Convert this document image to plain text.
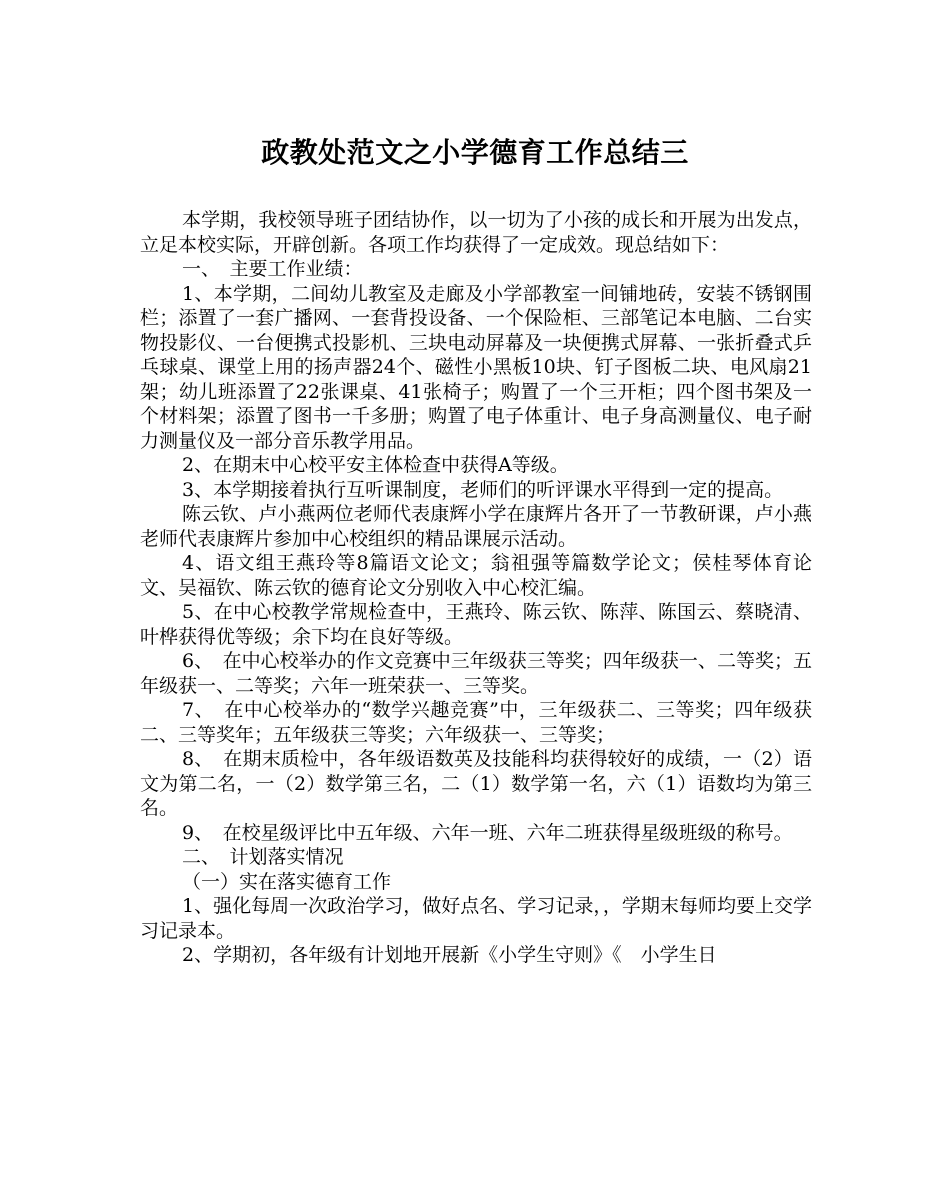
政教处范文之小学德育工作总结三

本学期，我校领导班子团结协作，以一切为了小孩的成长和开展为出发点，立足本校实际，开辟创新。各项工作均获得了一定成效。现总结如下：

一、　主要工作业绩：

1、本学期，二间幼儿教室及走廊及小学部教室一间铺地砖，安装不锈钢围栏；添置了一套广播网、一套背投设备、一个保险柜、三部笔记本电脑、二台实物投影仪、一台便携式投影机、三块电动屏幕及一块便携式屏幕、一张折叠式乒乓球桌、课堂上用的扬声器24个、磁性小黑板10块、钉子图板二块、电风扇21架；幼儿班添置了22张课桌、41张椅子；购置了一个三开柜；四个图书架及一个材料架；添置了图书一千多册；购置了电子体重计、电子身高测量仪、电子耐力测量仪及一部分音乐教学用品。

2、在期末中心校平安主体检查中获得A等级。

3、本学期接着执行互听课制度，老师们的听评课水平得到一定的提高。

陈云钦、卢小燕两位老师代表康辉小学在康辉片各开了一节教研课，卢小燕老师代表康辉片参加中心校组织的精品课展示活动。

4、语文组王燕玲等8篇语文论文；翁祖强等篇数学论文；侯桂琴体育论文、吴福钦、陈云钦的德育论文分别收入中心校汇编。

5、在中心校教学常规检查中，王燕玲、陈云钦、陈萍、陈国云、蔡晓清、叶桦获得优等级；余下均在良好等级。

6、　在中心校举办的作文竞赛中三年级获三等奖；四年级获一、二等奖；五年级获一、二等奖；六年一班荣获一、三等奖。

7、　在中心校举办的“数学兴趣竞赛”中，三年级获二、三等奖；四年级获二、三等奖年；五年级获三等奖；六年级获一、三等奖；

8、　在期末质检中，各年级语数英及技能科均获得较好的成绩，一（2）语文为第二名，一（2）数学第三名，二（1）数学第一名，六（1）语数均为第三名。

9、　在校星级评比中五年级、六年一班、六年二班获得星级班级的称号。

二、　计划落实情况

（一）实在落实德育工作

1、强化每周一次政治学习，做好点名、学习记录，，学期末每师均要上交学习记录本。

2、学期初，各年级有计划地开展新《小学生守则》《　小学生日
